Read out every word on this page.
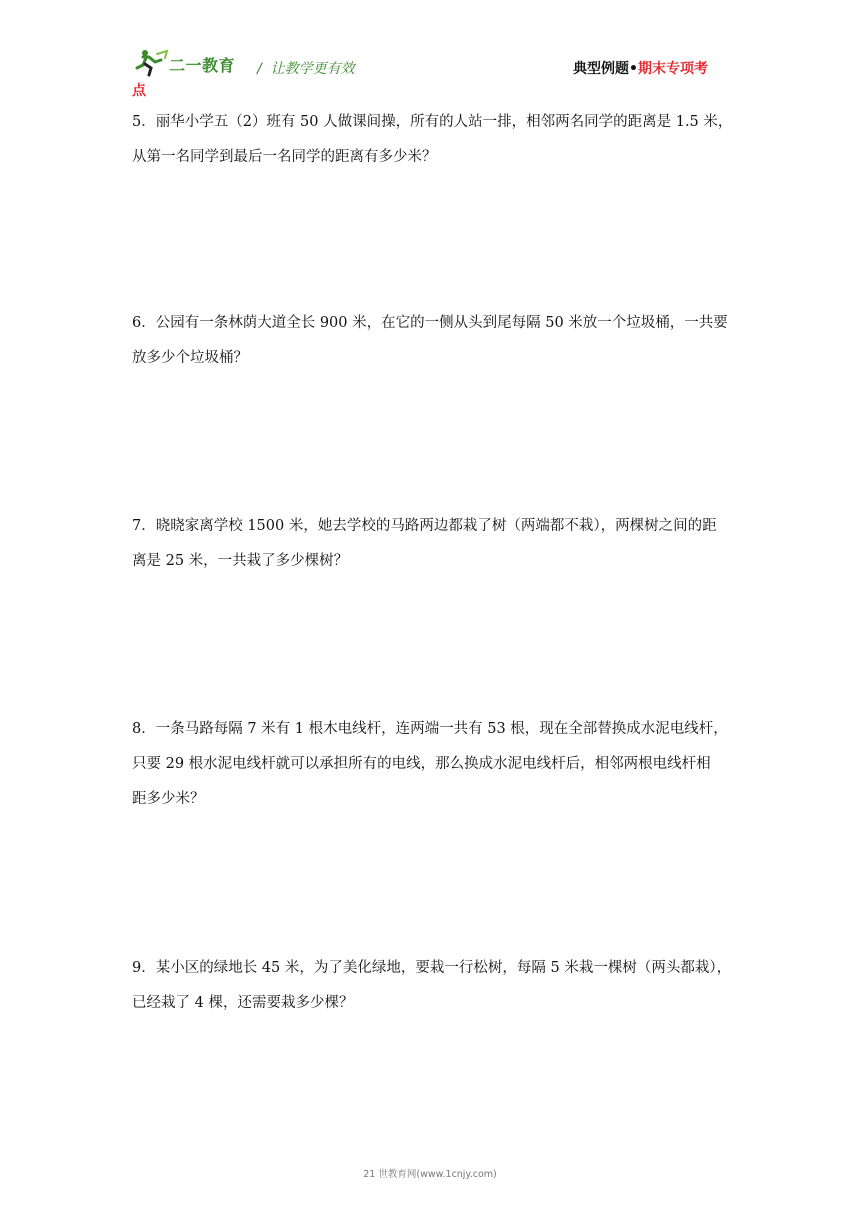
二一教育 / 让教学更有效	典型例题•期末专项考
点

5．丽华小学五（2）班有 50 人做课间操，所有的人站一排，相邻两名同学的距离是 1.5 米，

从第一名同学到最后一名同学的距离有多少米？

6．公园有一条林荫大道全长 900 米，在它的一侧从头到尾每隔 50 米放一个垃圾桶，一共要

放多少个垃圾桶？

7．晓晓家离学校 1500 米，她去学校的马路两边都栽了树（两端都不栽），两棵树之间的距

离是 25 米，一共栽了多少棵树？

8．一条马路每隔 7 米有 1 根木电线杆，连两端一共有 53 根，现在全部替换成水泥电线杆，

只要 29 根水泥电线杆就可以承担所有的电线，那么换成水泥电线杆后，相邻两根电线杆相

距多少米？

9．某小区的绿地长 45 米，为了美化绿地，要栽一行松树，每隔 5 米栽一棵树（两头都栽），

已经栽了 4 棵，还需要栽多少棵？

21 世教育网(www.1cnjy.com)
